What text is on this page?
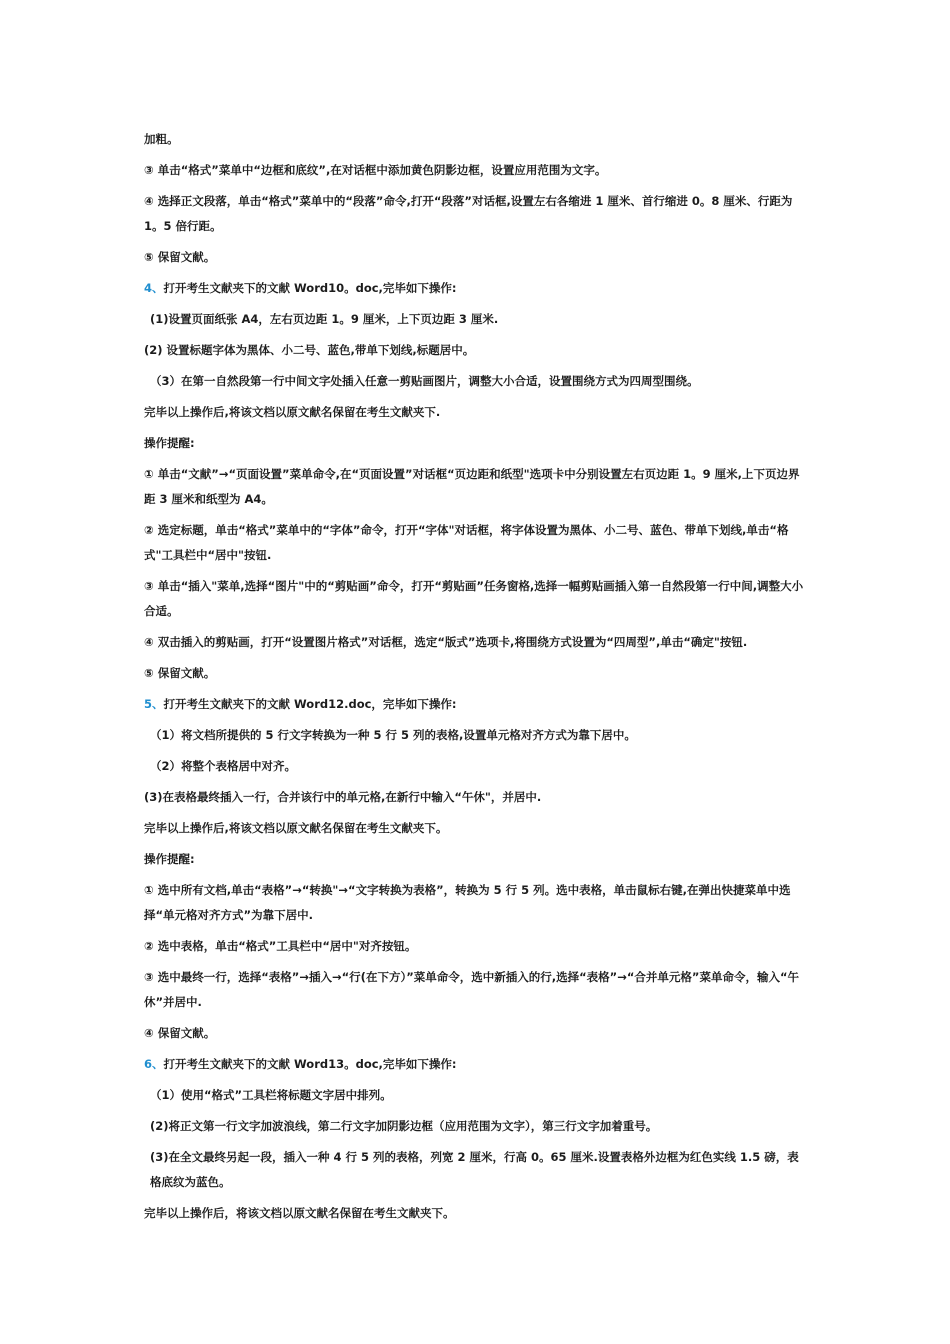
加粗。

③ 单击“格式”菜单中“边框和底纹”,在对话框中添加黄色阴影边框，设置应用范围为文字。

④ 选择正文段落，单击“格式”菜单中的“段落”命令,打开“段落”对话框,设置左右各缩进 1 厘米、首行缩进 0。8 厘米、行距为 1。5 倍行距。

⑤ 保留文献。

4、打开考生文献夹下的文献 Word10。doc,完毕如下操作:

(1)设置页面纸张 A4，左右页边距 1。9 厘米，上下页边距 3 厘米.

(2) 设置标题字体为黑体、小二号、蓝色,带单下划线,标题居中。

（3）在第一自然段第一行中间文字处插入任意一剪贴画图片，调整大小合适，设置围绕方式为四周型围绕。

完毕以上操作后,将该文档以原文献名保留在考生文献夹下.

操作提醒:

① 单击“文献”→“页面设置”菜单命令,在“页面设置”对话框“页边距和纸型"选项卡中分别设置左右页边距 1。9 厘米,上下页边界距 3 厘米和纸型为 A4。

② 选定标题，单击“格式”菜单中的“字体”命令，打开“字体"对话框，将字体设置为黑体、小二号、蓝色、带单下划线,单击“格式"工具栏中“居中"按钮.

③ 单击“插入"菜单,选择“图片"中的“剪贴画”命令，打开“剪贴画”任务窗格,选择一幅剪贴画插入第一自然段第一行中间,调整大小合适。

④ 双击插入的剪贴画，打开“设置图片格式”对话框，选定“版式”选项卡,将围绕方式设置为“四周型”,单击“确定"按钮.

⑤ 保留文献。

5、打开考生文献夹下的文献 Word12.doc，完毕如下操作:

（1）将文档所提供的 5 行文字转换为一种 5 行 5 列的表格,设置单元格对齐方式为靠下居中。

（2）将整个表格居中对齐。

(3)在表格最终插入一行，合并该行中的单元格,在新行中输入“午休"，并居中.

完毕以上操作后,将该文档以原文献名保留在考生文献夹下。

操作提醒:

① 选中所有文档,单击“表格”→“转换"→“文字转换为表格”，转换为 5 行 5 列。选中表格，单击鼠标右键,在弹出快捷菜单中选择“单元格对齐方式”为靠下居中.

② 选中表格，单击“格式”工具栏中“居中"对齐按钮。

③ 选中最终一行，选择“表格”→插入→“行(在下方）”菜单命令，选中新插入的行,选择“表格”→“合并单元格”菜单命令，输入“午休”并居中.

④ 保留文献。

6、打开考生文献夹下的文献 Word13。doc,完毕如下操作:

（1）使用“格式”工具栏将标题文字居中排列。

(2)将正文第一行文字加波浪线，第二行文字加阴影边框（应用范围为文字），第三行文字加着重号。

(3)在全文最终另起一段，插入一种 4 行 5 列的表格，列宽 2 厘米，行高 0。65 厘米.设置表格外边框为红色实线 1.5 磅，表格底纹为蓝色。

完毕以上操作后，将该文档以原文献名保留在考生文献夹下。
